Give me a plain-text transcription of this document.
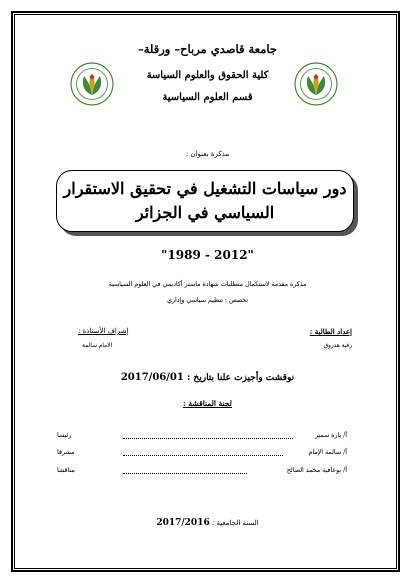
جامعة قاصدي مرباح– ورقلة–
كلية الحقوق والعلوم السياسة
قسم العلوم السياسية
مذكرة بعنوان :
دور سياسات التشغيل في تحقيق الاستقرار
السياسي في الجزائر
"1989 - 2012"
مذكرة مقدمة لاستكمال متطلبات شهادة ماستر أكاديمي في العلوم السياسية
تخصص : تنظيم سياسي وإداري
إعداد الطالبة :
رقية هدروق
إشراف الأستاذة :
الامام سالمة
نوقشت وأجيزت علنا بتاريخ : 2017/06/01
لجنة المناقشة :
أ/ بارة سمير
رئيسا
أ/ سالمة الإمام
مشرفا
أ/ بوعافية محمد الصالح
مناقشا
السنة الجامعية : 2017/2016
